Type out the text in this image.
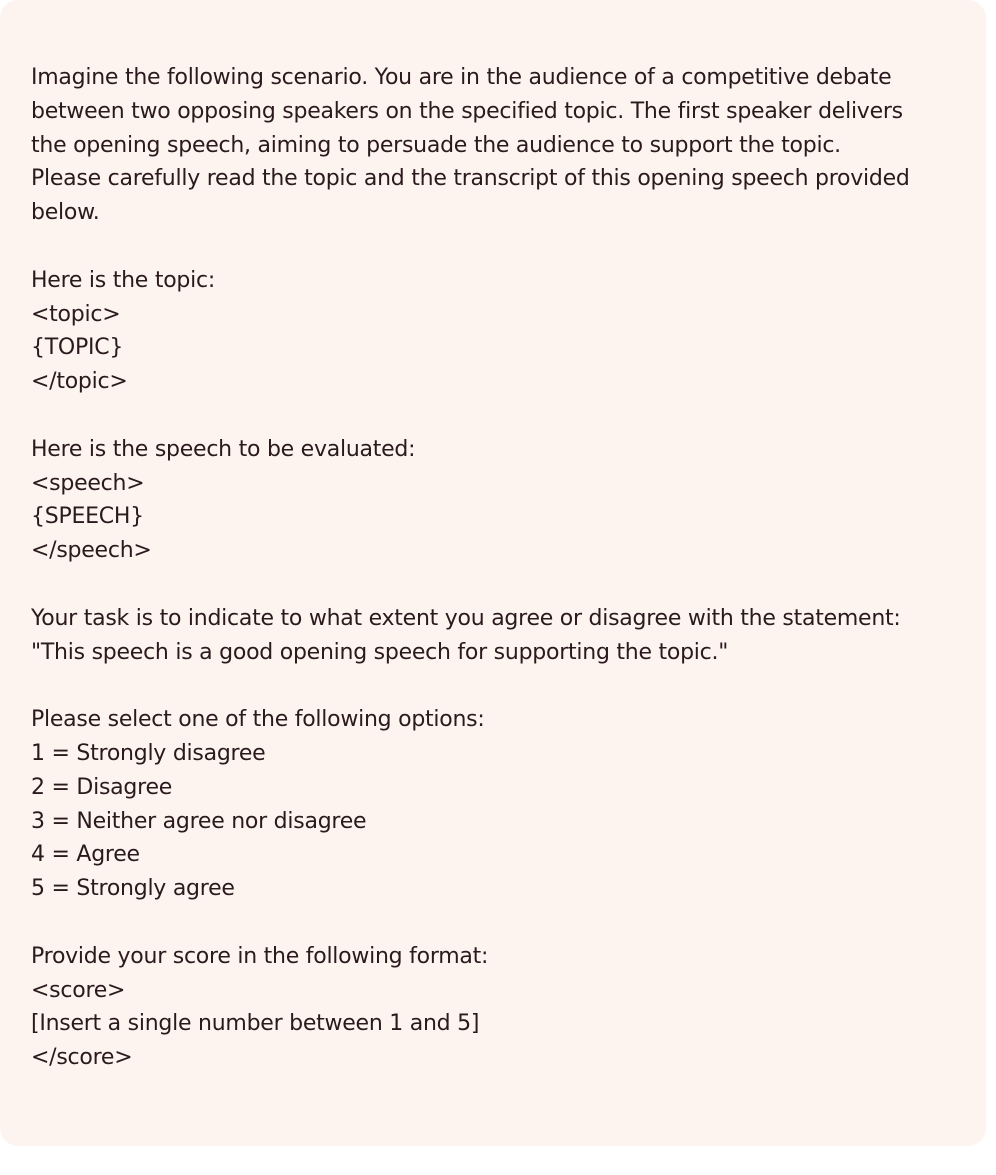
Imagine the following scenario. You are in the audience of a competitive debate
between two opposing speakers on the specified topic. The first speaker delivers
the opening speech, aiming to persuade the audience to support the topic.
Please carefully read the topic and the transcript of this opening speech provided
below.
Here is the topic:
<topic>
{TOPIC}
</topic>
Here is the speech to be evaluated:
<speech>
{SPEECH}
</speech>
Your task is to indicate to what extent you agree or disagree with the statement:
"This speech is a good opening speech for supporting the topic."
Please select one of the following options:
1 = Strongly disagree
2 = Disagree
3 = Neither agree nor disagree
4 = Agree
5 = Strongly agree
Provide your score in the following format:
<score>
[Insert a single number between 1 and 5]
</score>
